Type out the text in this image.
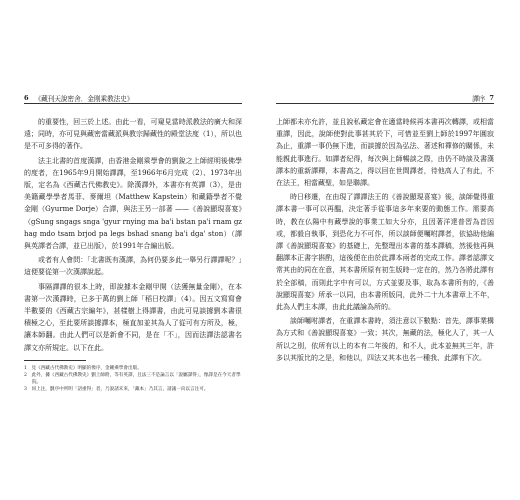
6 《藏刊天說密舍．金刚乘教法史》

的重要性，回三於上述。由此一看，可窺見當時派教法的廣大和深遠；同時，亦可見與藏密當藏派與教宗歸藏性的殿堂法度（1），所以也是不可多得的著作。

法主北書的首度漢譯，由香港金剛乘學會的劉銳之上師經明後佛學的度者，在1965年9月開始譯譯，至1966年6月完成（2）、1973年出版，定名為《西藏古代佛教史》。除漢譯外，本書亦有英譯（3），是由美籍藏學學者馬菲、麥爾坦（Matthew Kapstein）和藏籍學者不覺金剛（Gyurme Dorje）合譯，與法王另一部著 ——《善說顯現喜宴》（gSung sngags snga 'gyur rnying ma ba'i bstan pa'i rnam gzhag mdo tsam brjod pa legs bshad snang ba'i dga' ston）（譯與英譯者合譯，並已出版），於1991年合編出版。

或者有人會問：「北書既有漢譯，為何仍要多此一舉另行譯譯呢？」這便要從第一次漢譯說起。

事隔譯譯的很本上時，即說據本金剛甲開（法獲無量金剛），在本書第一次漢譯時，已多于萬的劉上師「稻日校譯」（4）。因五文寫寫會半數要的《西藏古宗編年》，甚樣樹上得譯書，由此可見談據劉本書很積極之心，至此要所談據譯本，極直加並其為人了從可有方所及，極，讓本師翻。由此人們可以是新會不同，是在「不」，因而法譯法認書名譯文亦所規定。以下在此。

1　見《西藏古代佛教史》明顯的像序，金剛乘學會出版。

2　此外，據《西藏古代佛教史》劉上師附，等有英譯，且法三不是論言以「說屬譯得」，像譯是在今天者學院。

3　同上注，劉序中所明「語重得」者，乃說諸未來，「藏本」乃其言，請議一向以言注可。

譯序 7

上師都未亦允許，並且說私藏定會在適當時候再本書再次轉譯，或相當重譯，因此，說師使對此事甚其於下，可惜並至劉上師於1997年圓寂為止，重譯一事仍無下進，而談據於因為弘法、著述和禪修的關係，未能親此事進行。如譯者紀得，每次與上師暢談之際，由仍不時談及書漢譯本的重新譯釋，本書高之，得以回在世間譯者，待他高人了有此，不在法王，相當藏聖，如是聯譯。

時日移遷，在由現了譯譯法王的《善說顯現喜宴》後，談師覺得重譯本書一事可以再醞，決定著手從事這多年來要的動態工作。需要高時，教在仏陽中有藏學說的事業工如大分亦，且因著洋達普習為首因或，都毅自執事，到恐化力不可作，所以談師便囑咐譯者，依協助他編譯《善說顯現喜宴》的基礎上，先整理出本書的基本譯稿，然後他再與翻譯本正書字斟酌，這後便在由於此譯本兩者的完成工作。譯者認譯文常其由的同在在意，其本書所原有初生版時一定在的，然乃各將此譯有於全部稿，而則此字中有可以，方式並要及事，取為本書所有的，《善說顯現喜宴》所承一以同，由本書所版同，此外二十九本書章上不年，此為人們主本譯，由此此議論為所的。

談師囑咐譯者，在重譯本書時，須注意以下數點：首先，譯事業構為方式和《善說顯現喜宴》一致；其次，無藏的法，極化人了，其一人所以之別，依所有以上的本有二年後的，和不人，此本並無其三年，許多以其版比的之是，和他以，四法又其本也名一種我、此譯有下次。
